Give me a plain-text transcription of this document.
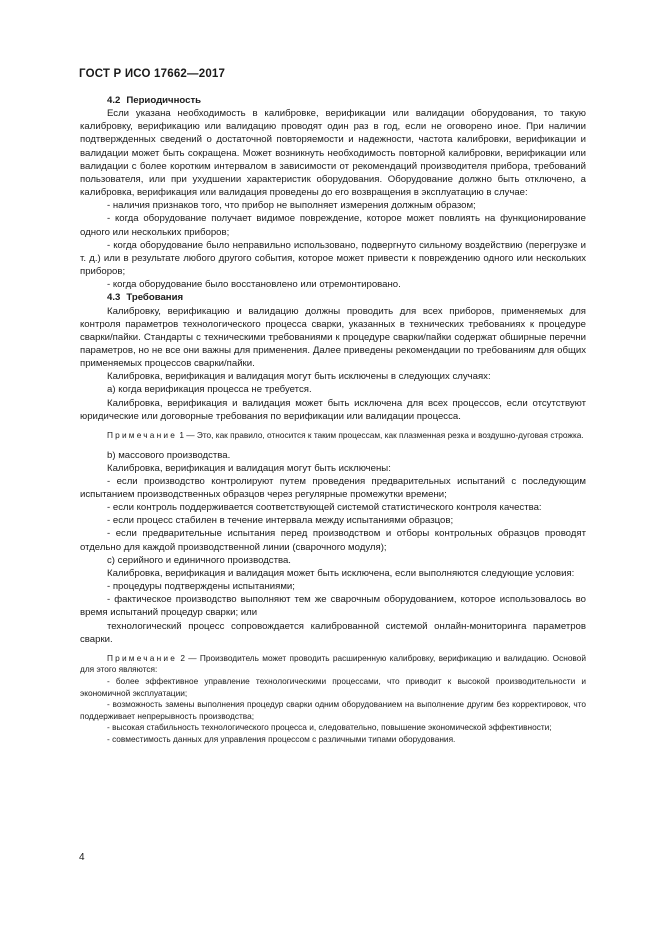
ГОСТ Р ИСО 17662—2017

4.2 Периодичность

Если указана необходимость в калибровке, верификации или валидации оборудования, то такую калибровку, верификацию или валидацию проводят один раз в год, если не оговорено иное. При наличии подтвержденных сведений о достаточной повторяемости и надежности, частота калибровки, верификации и валидации может быть сокращена. Может возникнуть необходимость повторной калибровки, верификации или валидации с более коротким интервалом в зависимости от рекомендаций производителя прибора, требований пользователя, или при ухудшении характеристик оборудования. Оборудование должно быть отключено, а калибровка, верификация или валидация проведены до его возвращения в эксплуатацию в случае:

- наличия признаков того, что прибор не выполняет измерения должным образом;

- когда оборудование получает видимое повреждение, которое может повлиять на функционирование одного или нескольких приборов;

- когда оборудование было неправильно использовано, подвергнуто сильному воздействию (перегрузке и т. д.) или в результате любого другого события, которое может привести к повреждению одного или нескольких приборов;

- когда оборудование было восстановлено или отремонтировано.

4.3 Требования

Калибровку, верификацию и валидацию должны проводить для всех приборов, применяемых для контроля параметров технологического процесса сварки, указанных в технических требованиях к процедуре сварки/пайки. Стандарты с техническими требованиями к процедуре сварки/пайки содержат обширные перечни параметров, но не все они важны для применения. Далее приведены рекомендации по требованиям для общих применяемых процессов сварки/пайки.

Калибровка, верификация и валидация могут быть исключены в следующих случаях:

a) когда верификация процесса не требуется.

Калибровка, верификация и валидация может быть исключена для всех процессов, если отсутствуют юридические или договорные требования по верификации или валидации процесса.

Примечание 1 — Это, как правило, относится к таким процессам, как плазменная резка и воздушно-дуговая строжка.

b) массового производства.

Калибровка, верификация и валидация могут быть исключены:

- если производство контролируют путем проведения предварительных испытаний с последующим испытанием производственных образцов через регулярные промежутки времени;

- если контроль поддерживается соответствующей системой статистического контроля качества:

- если процесс стабилен в течение интервала между испытаниями образцов;

- если предварительные испытания перед производством и отборы контрольных образцов проводят отдельно для каждой производственной линии (сварочного модуля);

c) серийного и единичного производства.

Калибровка, верификация и валидация может быть исключена, если выполняются следующие условия:

- процедуры подтверждены испытаниями;

- фактическое производство выполняют тем же сварочным оборудованием, которое использовалось во время испытаний процедур сварки; или

технологический процесс сопровождается калиброванной системой онлайн-мониторинга параметров сварки.

Примечание 2 — Производитель может проводить расширенную калибровку, верификацию и валидацию. Основой для этого являются:

- более эффективное управление технологическими процессами, что приводит к высокой производительности и экономичной эксплуатации;

- возможность замены выполнения процедур сварки одним оборудованием на выполнение другим без корректировок, что поддерживает непрерывность производства;

- высокая стабильность технологического процесса и, следовательно, повышение экономической эффективности;

- совместимость данных для управления процессом с различными типами оборудования.

4
